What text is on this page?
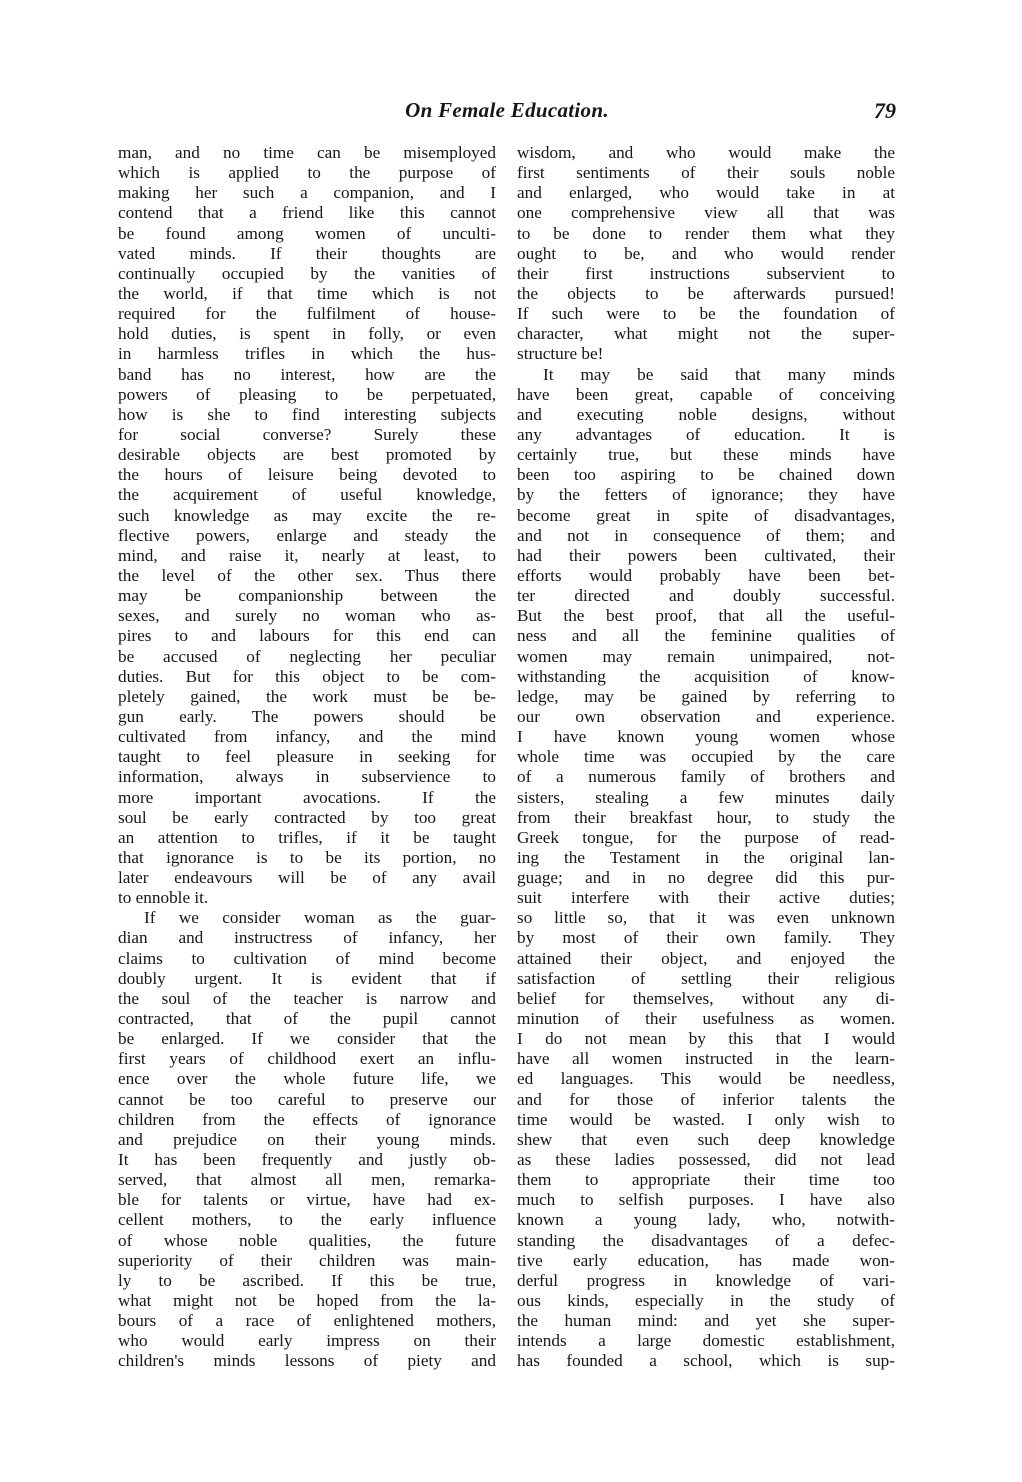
On Female Education.	79
man, and no time can be misemployed
which is applied to the purpose of
making her such a companion, and I
contend that a friend like this cannot
be found among women of unculti-
vated minds. If their thoughts are
continually occupied by the vanities of
the world, if that time which is not
required for the fulfilment of house-
hold duties, is spent in folly, or even
in harmless trifles in which the hus-
band has no interest, how are the
powers of pleasing to be perpetuated,
how is she to find interesting subjects
for social converse? Surely these
desirable objects are best promoted by
the hours of leisure being devoted to
the acquirement of useful knowledge,
such knowledge as may excite the re-
flective powers, enlarge and steady the
mind, and raise it, nearly at least, to
the level of the other sex. Thus there
may be companionship between the
sexes, and surely no woman who as-
pires to and labours for this end can
be accused of neglecting her peculiar
duties. But for this object to be com-
pletely gained, the work must be be-
gun early. The powers should be
cultivated from infancy, and the mind
taught to feel pleasure in seeking for
information, always in subservience to
more important avocations. If the
soul be early contracted by too great
an attention to trifles, if it be taught
that ignorance is to be its portion, no
later endeavours will be of any avail
to ennoble it.
If we consider woman as the guar-
dian and instructress of infancy, her
claims to cultivation of mind become
doubly urgent. It is evident that if
the soul of the teacher is narrow and
contracted, that of the pupil cannot
be enlarged. If we consider that the
first years of childhood exert an influ-
ence over the whole future life, we
cannot be too careful to preserve our
children from the effects of ignorance
and prejudice on their young minds.
It has been frequently and justly ob-
served, that almost all men, remarka-
ble for talents or virtue, have had ex-
cellent mothers, to the early influence
of whose noble qualities, the future
superiority of their children was main-
ly to be ascribed. If this be true,
what might not be hoped from the la-
bours of a race of enlightened mothers,
who would early impress on their
children's minds lessons of piety and
wisdom, and who would make the
first sentiments of their souls noble
and enlarged, who would take in at
one comprehensive view all that was
to be done to render them what they
ought to be, and who would render
their first instructions subservient to
the objects to be afterwards pursued!
If such were to be the foundation of
character, what might not the super-
structure be!
It may be said that many minds
have been great, capable of conceiving
and executing noble designs, without
any advantages of education. It is
certainly true, but these minds have
been too aspiring to be chained down
by the fetters of ignorance; they have
become great in spite of disadvantages,
and not in consequence of them; and
had their powers been cultivated, their
efforts would probably have been bet-
ter directed and doubly successful.
But the best proof, that all the useful-
ness and all the feminine qualities of
women may remain unimpaired, not-
withstanding the acquisition of know-
ledge, may be gained by referring to
our own observation and experience.
I have known young women whose
whole time was occupied by the care
of a numerous family of brothers and
sisters, stealing a few minutes daily
from their breakfast hour, to study the
Greek tongue, for the purpose of read-
ing the Testament in the original lan-
guage; and in no degree did this pur-
suit interfere with their active duties;
so little so, that it was even unknown
by most of their own family. They
attained their object, and enjoyed the
satisfaction of settling their religious
belief for themselves, without any di-
minution of their usefulness as women.
I do not mean by this that I would
have all women instructed in the learn-
ed languages. This would be needless,
and for those of inferior talents the
time would be wasted. I only wish to
shew that even such deep knowledge
as these ladies possessed, did not lead
them to appropriate their time too
much to selfish purposes. I have also
known a young lady, who, notwith-
standing the disadvantages of a defec-
tive early education, has made won-
derful progress in knowledge of vari-
ous kinds, especially in the study of
the human mind: and yet she super-
intends a large domestic establishment,
has founded a school, which is sup-
